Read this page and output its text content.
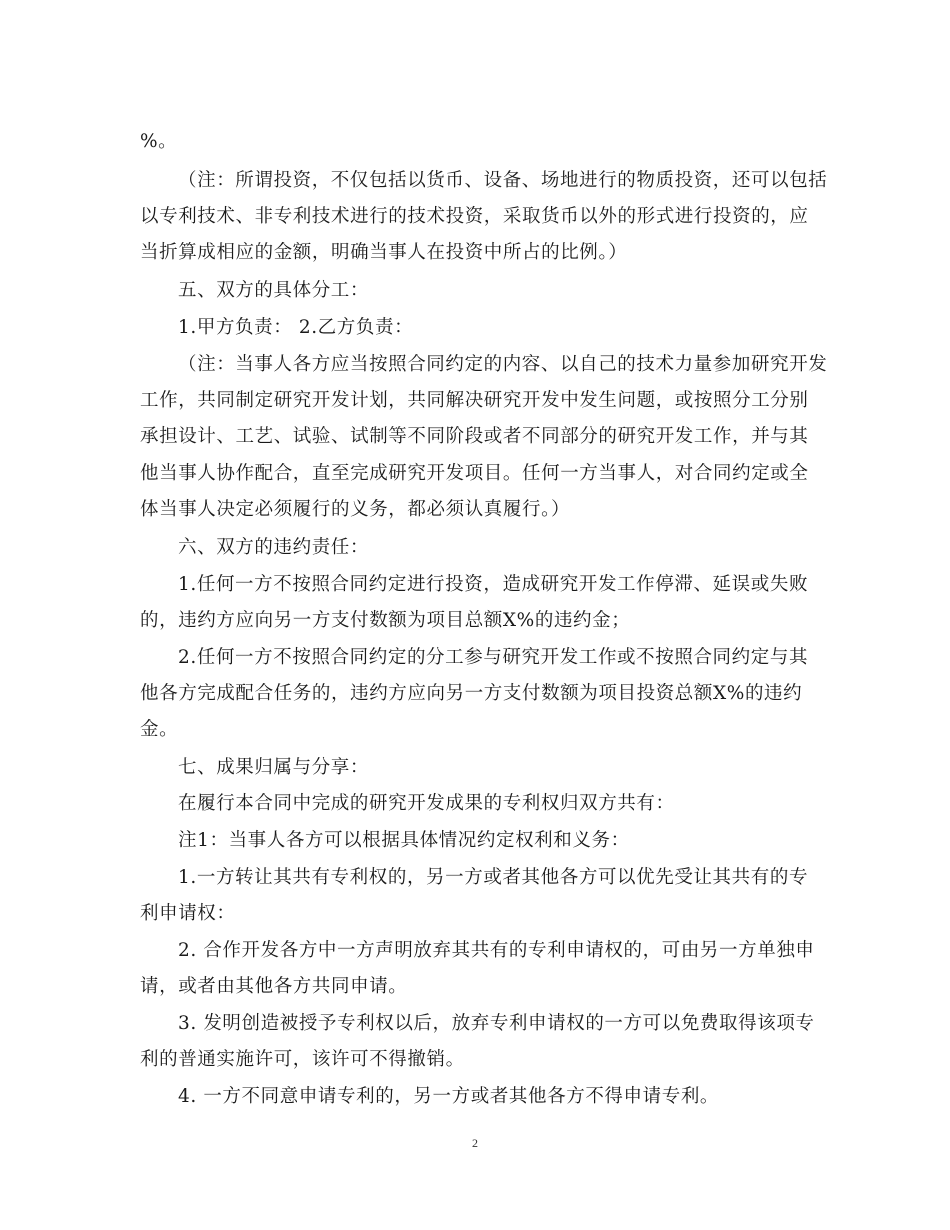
%。
（注：所谓投资，不仅包括以货币、设备、场地进行的物质投资，还可以包括
以专利技术、非专利技术进行的技术投资，采取货币以外的形式进行投资的，应
当折算成相应的金额，明确当事人在投资中所占的比例。）
五、双方的具体分工：
1.甲方负责： 2.乙方负责：
（注：当事人各方应当按照合同约定的内容、以自己的技术力量参加研究开发
工作，共同制定研究开发计划，共同解决研究开发中发生问题，或按照分工分别
承担设计、工艺、试验、试制等不同阶段或者不同部分的研究开发工作，并与其
他当事人协作配合，直至完成研究开发项目。任何一方当事人，对合同约定或全
体当事人决定必须履行的义务，都必须认真履行。）
六、双方的违约责任：
1.任何一方不按照合同约定进行投资，造成研究开发工作停滞、延误或失败
的，违约方应向另一方支付数额为项目总额X%的违约金；
2.任何一方不按照合同约定的分工参与研究开发工作或不按照合同约定与其
他各方完成配合任务的，违约方应向另一方支付数额为项目投资总额X%的违约
金。
七、成果归属与分享：
在履行本合同中完成的研究开发成果的专利权归双方共有：
注1：当事人各方可以根据具体情况约定权利和义务：
1.一方转让其共有专利权的，另一方或者其他各方可以优先受让其共有的专
利申请权：
2. 合作开发各方中一方声明放弃其共有的专利申请权的，可由另一方单独申
请，或者由其他各方共同申请。
3. 发明创造被授予专利权以后，放弃专利申请权的一方可以免费取得该项专
利的普通实施许可，该许可不得撤销。
4. 一方不同意申请专利的，另一方或者其他各方不得申请专利。
2
